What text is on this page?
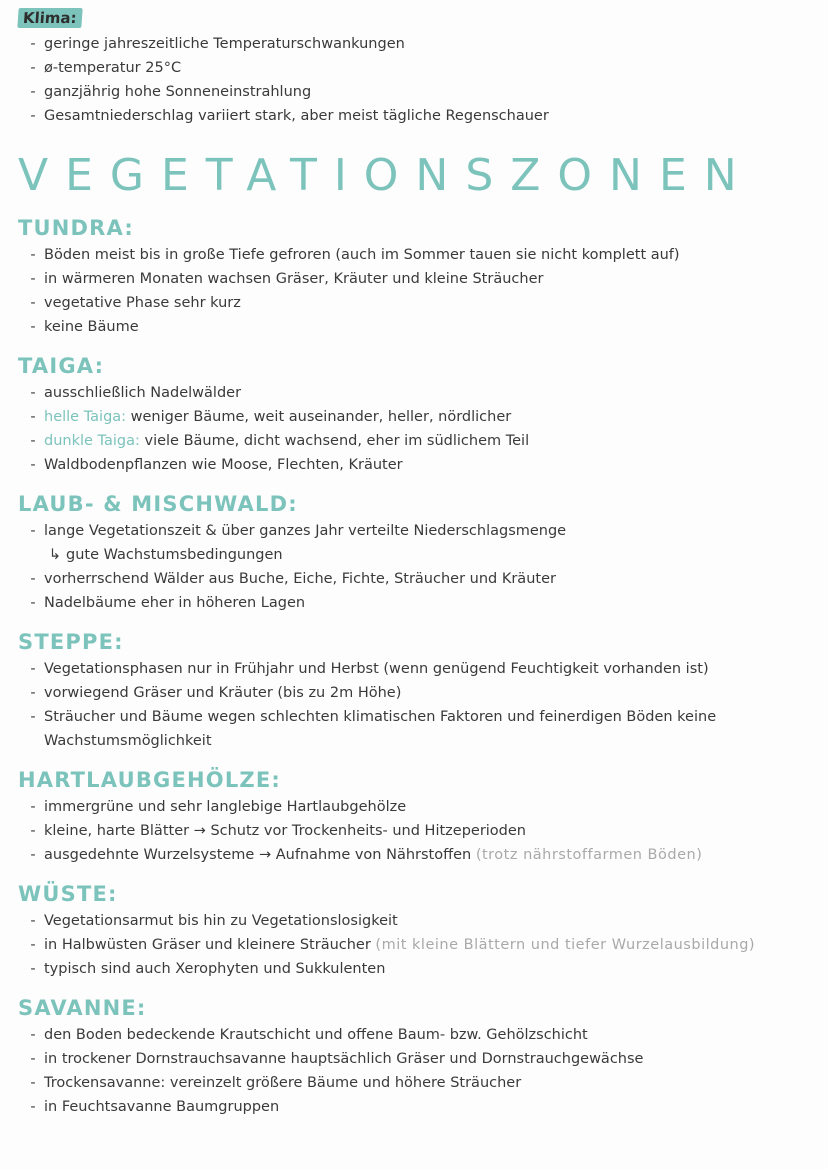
Klima:
- geringe jahreszeitliche Temperaturschwankungen
- ø-temperatur 25°C
- ganzjährig hohe Sonneneinstrahlung
- Gesamtniederschlag variiert stark, aber meist tägliche Regenschauer
VEGETATIONSZONEN
TUNDRA:
- Böden meist bis in große Tiefe gefroren (auch im Sommer tauen sie nicht komplett auf)
- in wärmeren Monaten wachsen Gräser, Kräuter und kleine Sträucher
- vegetative Phase sehr kurz
- keine Bäume
TAIGA:
- ausschließlich Nadelwälder
- helle Taiga: weniger Bäume, weit auseinander, heller, nördlicher
- dunkle Taiga: viele Bäume, dicht wachsend, eher im südlichem Teil
- Waldbodenpflanzen wie Moose, Flechten, Kräuter
LAUB- & MISCHWALD:
- lange Vegetationszeit & über ganzes Jahr verteilte Niederschlagsmenge
↳ gute Wachstumsbedingungen
- vorherrschend Wälder aus Buche, Eiche, Fichte, Sträucher und Kräuter
- Nadelbäume eher in höheren Lagen
STEPPE:
- Vegetationsphasen nur in Frühjahr und Herbst (wenn genügend Feuchtigkeit vorhanden ist)
- vorwiegend Gräser und Kräuter (bis zu 2m Höhe)
- Sträucher und Bäume wegen schlechten klimatischen Faktoren und feinerdigen Böden keine Wachstumsmöglichkeit
HARTLAUBGEHÖLZE:
- immergrüne und sehr langlebige Hartlaubgehölze
- kleine, harte Blätter → Schutz vor Trockenheits- und Hitzeperioden
- ausgedehnte Wurzelsysteme → Aufnahme von Nährstoffen (trotz nährstoffarmen Böden)
WÜSTE:
- Vegetationsarmut bis hin zu Vegetationslosigkeit
- in Halbwüsten Gräser und kleinere Sträucher (mit kleine Blättern und tiefer Wurzelausbildung)
- typisch sind auch Xerophyten und Sukkulenten
SAVANNE:
- den Boden bedeckende Krautschicht und offene Baum- bzw. Gehölzschicht
- in trockener Dornstrauchsavanne hauptsächlich Gräser und Dornstrauchgewächse
- Trockensavanne: vereinzelt größere Bäume und höhere Sträucher
- in Feuchtsavanne Baumgruppen
